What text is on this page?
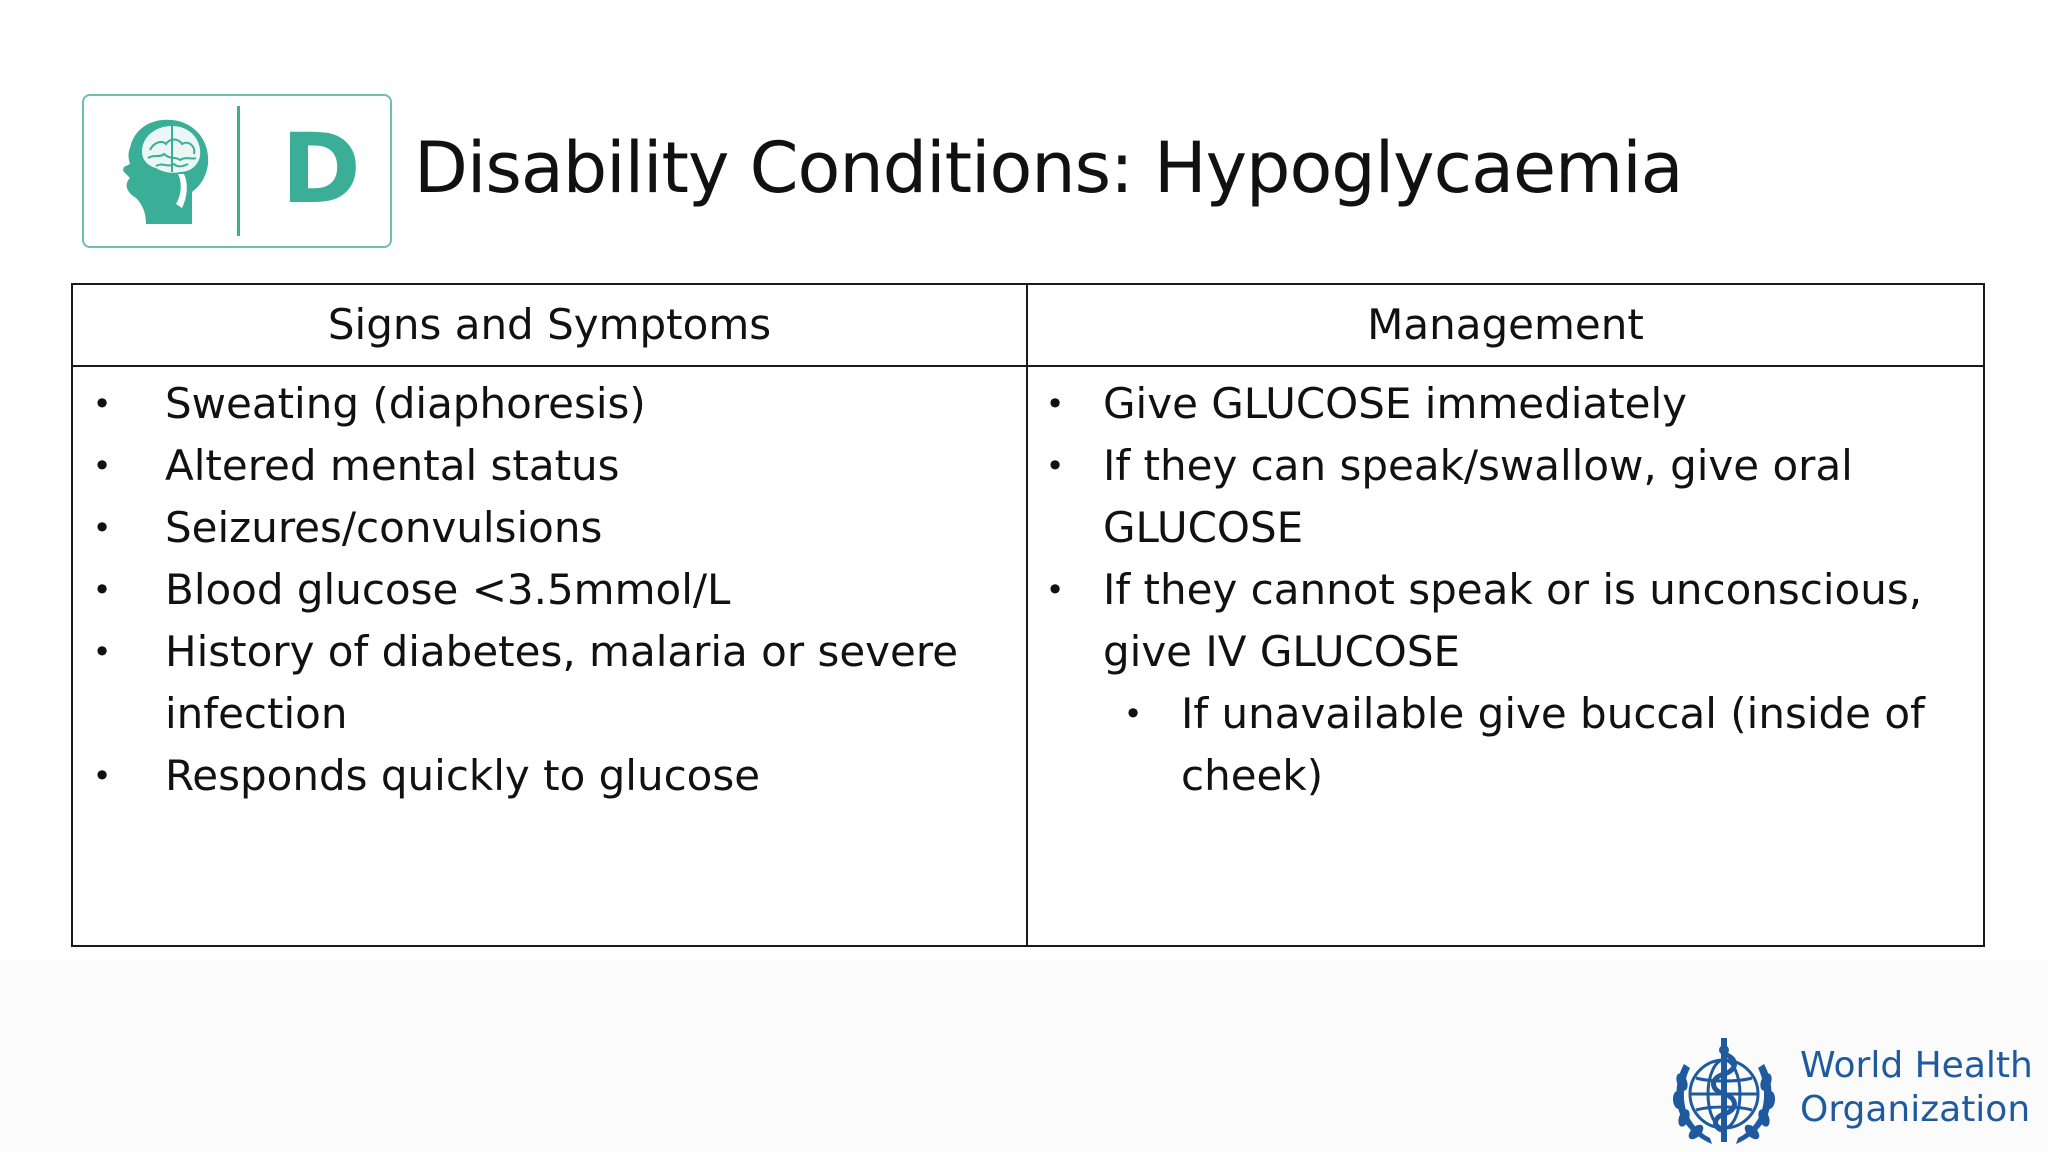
D Disability Conditions: Hypoglycaemia
Signs and Symptoms	Management
• Sweating (diaphoresis)
• Altered mental status
• Seizures/convulsions
• Blood glucose <3.5mmol/L
• History of diabetes, malaria or severe infection
• Responds quickly to glucose
• Give GLUCOSE immediately
• If they can speak/swallow, give oral GLUCOSE
• If they cannot speak or is unconscious, give IV GLUCOSE
• If unavailable give buccal (inside of cheek)
World Health
Organization
